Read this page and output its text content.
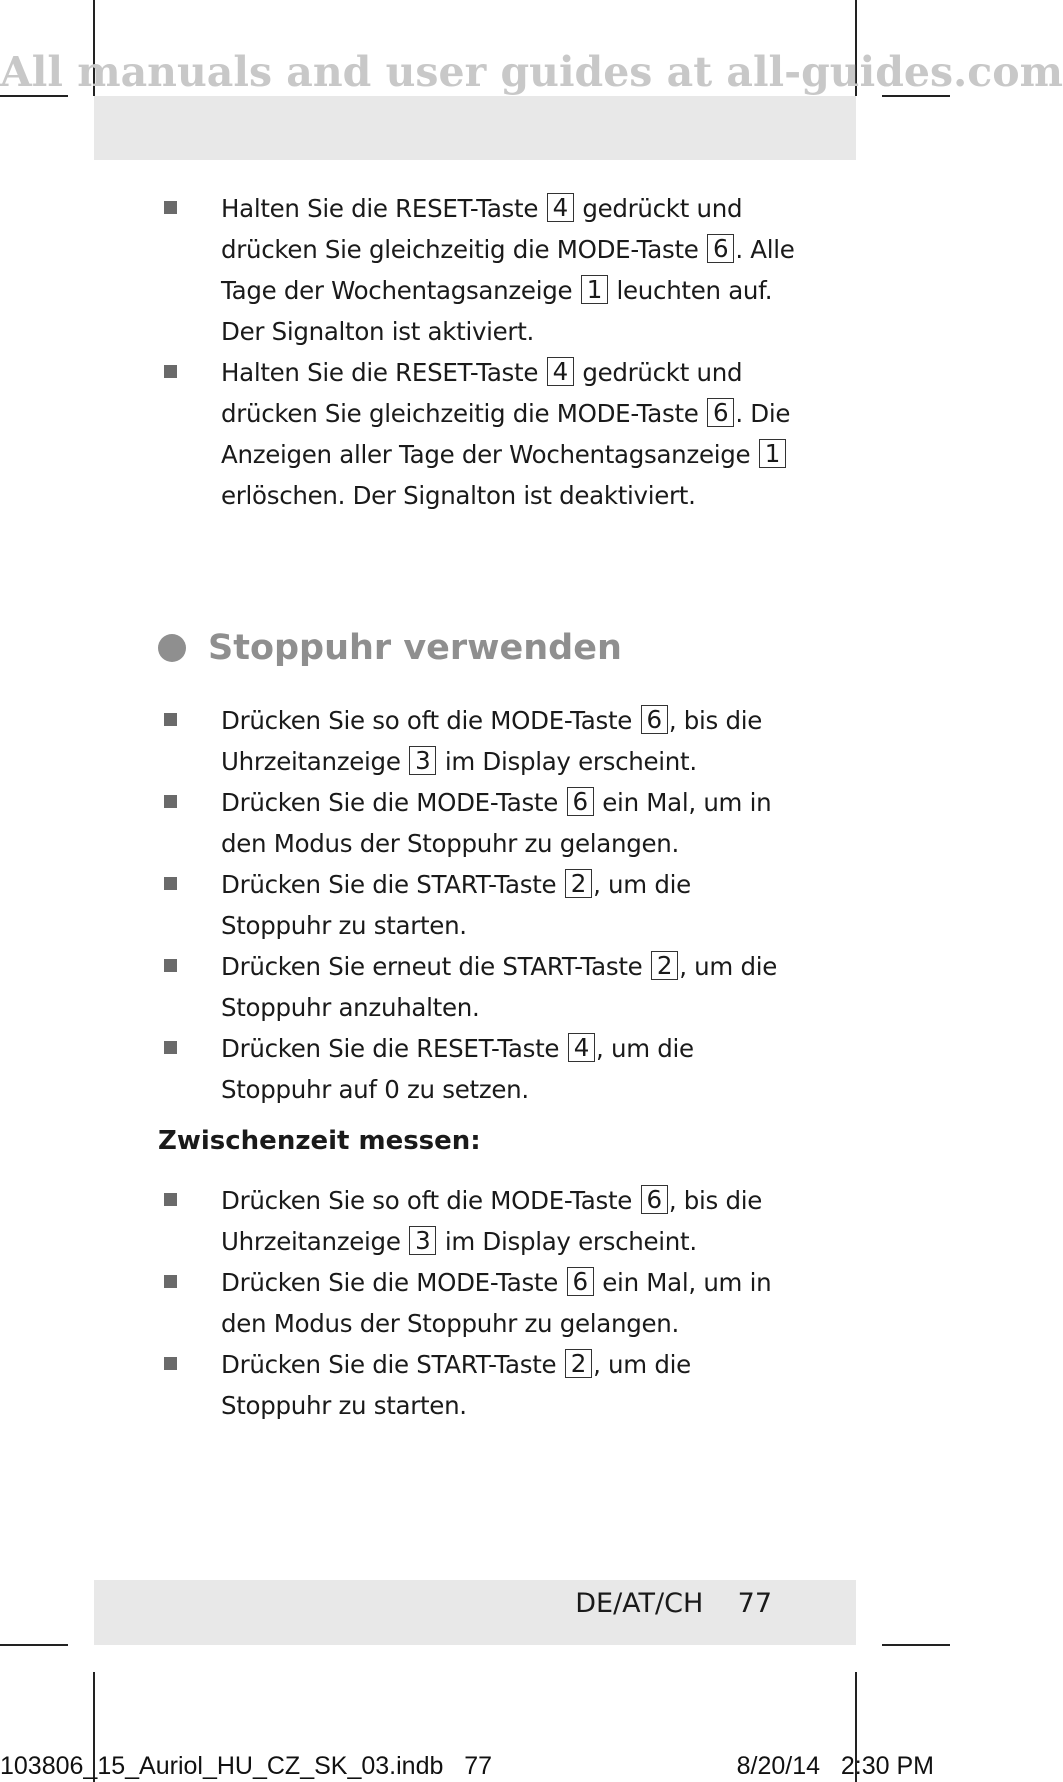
All manuals and user guides at all-guides.com
Halten Sie die RESET-Taste 4 gedrückt und drücken Sie gleichzeitig die MODE-Taste 6 . Alle Tage der Wochentagsanzeige 1 leuchten auf. Der Signalton ist aktiviert.
Halten Sie die RESET-Taste 4 gedrückt und drücken Sie gleichzeitig die MODE-Taste 6 . Die Anzeigen aller Tage der Wochentagsanzeige 1 erlöschen. Der Signalton ist deaktiviert.
Stoppuhr verwenden
Drücken Sie so oft die MODE-Taste 6 , bis die Uhrzeitanzeige 3 im Display erscheint.
Drücken Sie die MODE-Taste 6 ein Mal, um in den Modus der Stoppuhr zu gelangen.
Drücken Sie die START-Taste 2 , um die Stoppuhr zu starten.
Drücken Sie erneut die START-Taste 2 , um die Stoppuhr anzuhalten.
Drücken Sie die RESET-Taste 4 , um die Stoppuhr auf 0 zu setzen.
Zwischenzeit messen:
Drücken Sie so oft die MODE-Taste 6 , bis die Uhrzeitanzeige 3 im Display erscheint.
Drücken Sie die MODE-Taste 6 ein Mal, um in den Modus der Stoppuhr zu gelangen.
Drücken Sie die START-Taste 2 , um die Stoppuhr zu starten.
DE/AT/CH 77
103806_15_Auriol_HU_CZ_SK_03.indb 77	8/20/14 2:30 PM
